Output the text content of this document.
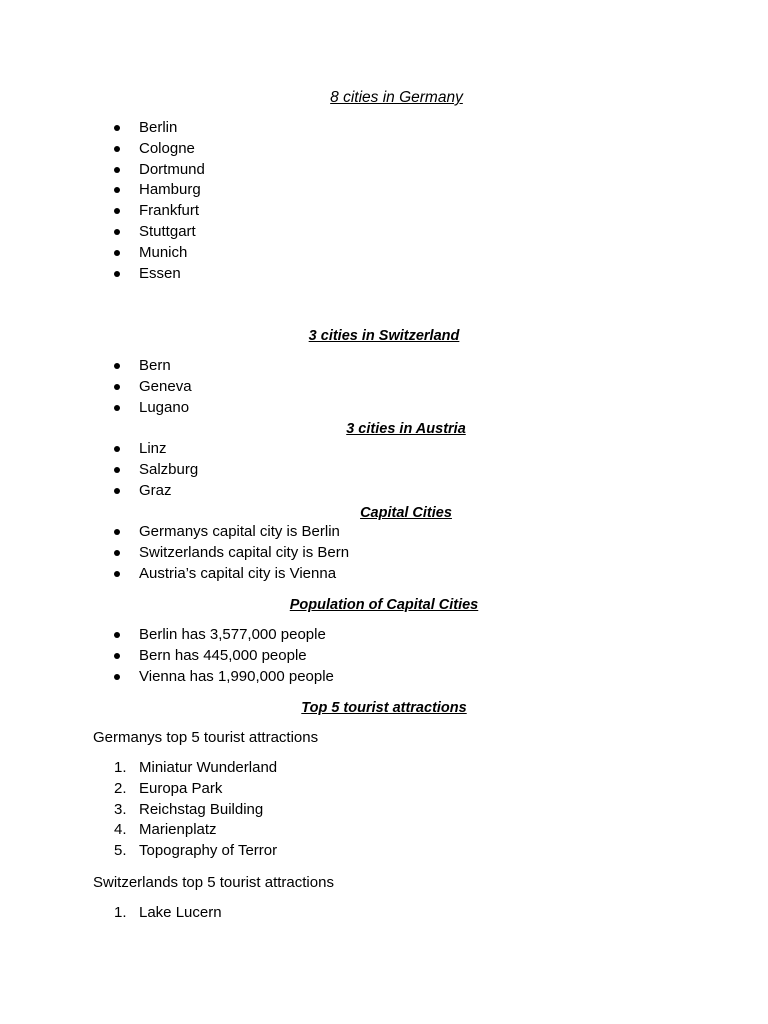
8 cities in Germany
Berlin
Cologne
Dortmund
Hamburg
Frankfurt
Stuttgart
Munich
Essen
3 cities in Switzerland
Bern
Geneva
Lugano
3 cities in Austria
Linz
Salzburg
Graz
Capital Cities
Germanys capital city is Berlin
Switzerlands capital city is Bern
Austria’s capital city is Vienna
Population of Capital Cities
Berlin has 3,577,000 people
Bern has 445,000 people
Vienna has 1,990,000 people
Top 5 tourist attractions

Germanys top 5 tourist attractions

1. Miniatur Wunderland
2. Europa Park
3. Reichstag Building
4. Marienplatz
5. Topography of Terror

Switzerlands top 5 tourist attractions

1. Lake Lucern
